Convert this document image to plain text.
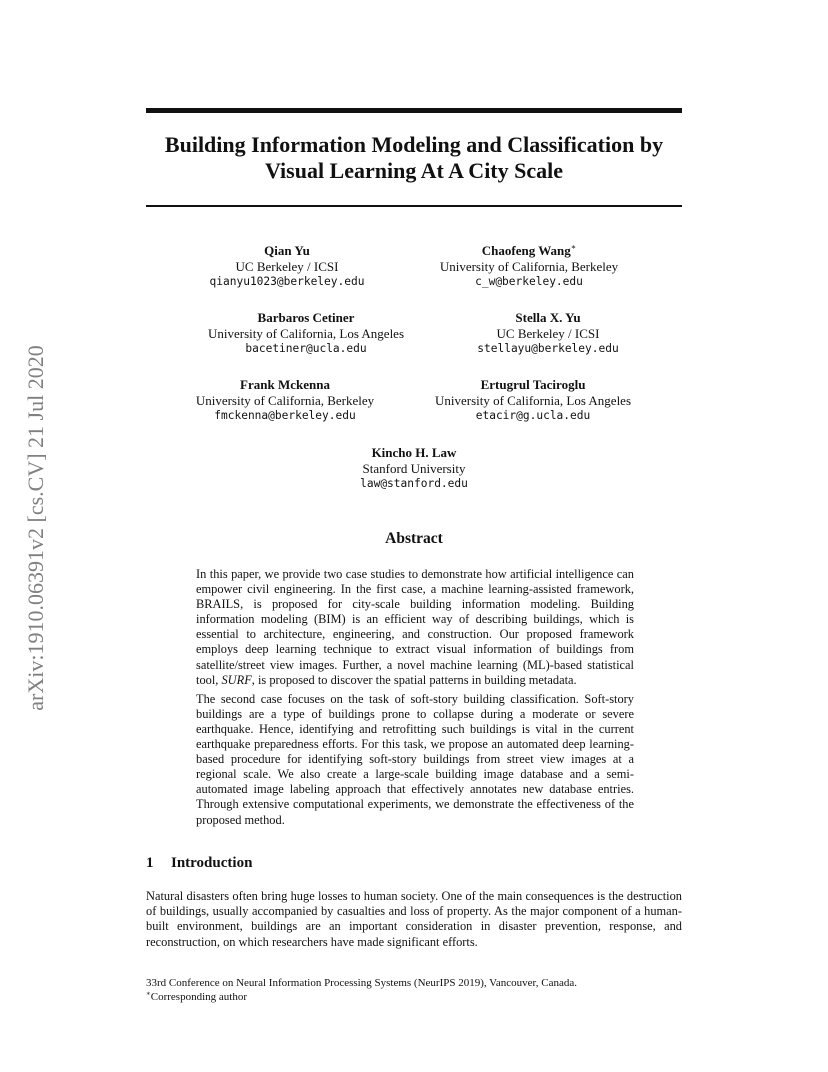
arXiv:1910.06391v2 [cs.CV] 21 Jul 2020
Building Information Modeling and Classification by
Visual Learning At A City Scale
Qian Yu
UC Berkeley / ICSI
qianyu1023@berkeley.edu
Chaofeng Wang∗
University of California, Berkeley
c_w@berkeley.edu
Barbaros Cetiner
University of California, Los Angeles
bacetiner@ucla.edu
Stella X. Yu
UC Berkeley / ICSI
stellayu@berkeley.edu
Frank Mckenna
University of California, Berkeley
fmckenna@berkeley.edu
Ertugrul Taciroglu
University of California, Los Angeles
etacir@g.ucla.edu
Kincho H. Law
Stanford University
law@stanford.edu
Abstract

In this paper, we provide two case studies to demonstrate how artificial intelligence can empower civil engineering. In the first case, a machine learning-assisted framework, BRAILS, is proposed for city-scale building information modeling. Building information modeling (BIM) is an efficient way of describing buildings, which is essential to architecture, engineering, and construction. Our proposed framework employs deep learning technique to extract visual information of buildings from satellite/street view images. Further, a novel machine learning (ML)-based statistical tool, SURF, is proposed to discover the spatial patterns in building metadata.

The second case focuses on the task of soft-story building classification. Soft-story buildings are a type of buildings prone to collapse during a moderate or severe earthquake. Hence, identifying and retrofitting such buildings is vital in the current earthquake preparedness efforts. For this task, we propose an automated deep learning-based procedure for identifying soft-story buildings from street view images at a regional scale. We also create a large-scale building image database and a semi-automated image labeling approach that effectively annotates new database entries. Through extensive computational experiments, we demonstrate the effectiveness of the proposed method.

1 Introduction

Natural disasters often bring huge losses to human society. One of the main consequences is the destruction of buildings, usually accompanied by casualties and loss of property. As the major component of a human-built environment, buildings are an important consideration in disaster prevention, response, and reconstruction, on which researchers have made significant efforts.

33rd Conference on Neural Information Processing Systems (NeurIPS 2019), Vancouver, Canada.
∗Corresponding author
